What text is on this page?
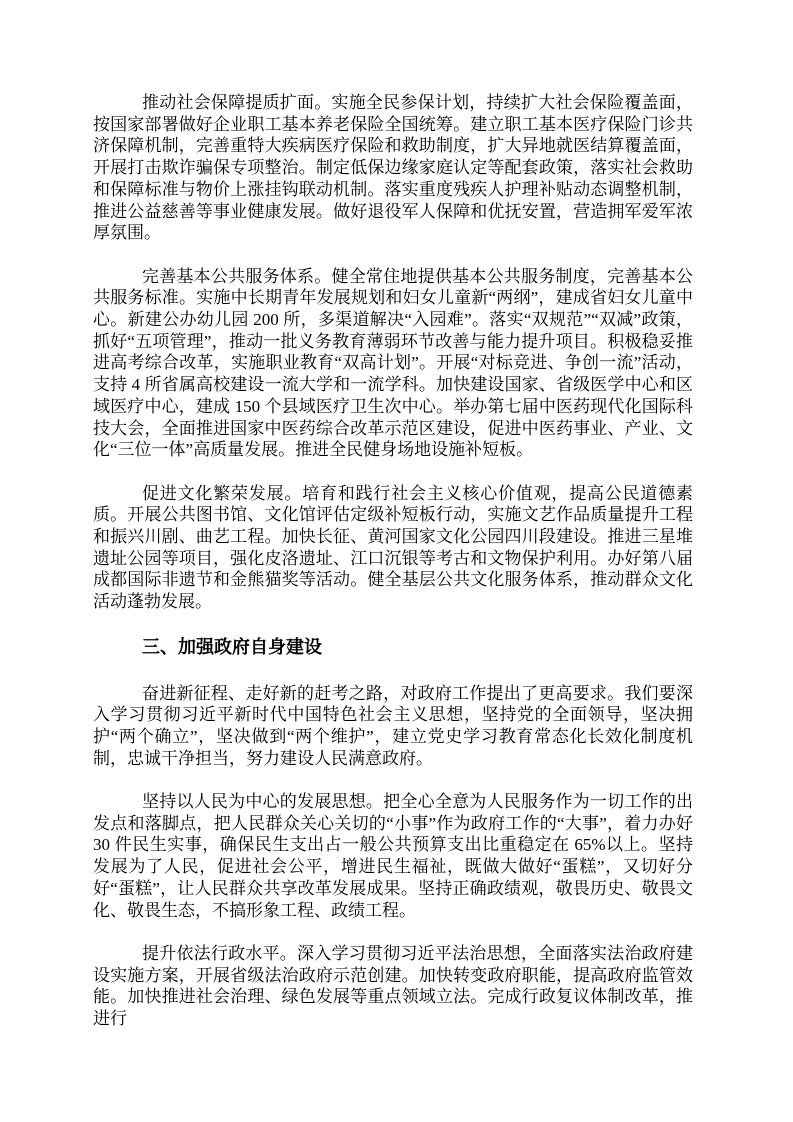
推动社会保障提质扩面。实施全民参保计划，持续扩大社会保险覆盖面，按国家部署做好企业职工基本养老保险全国统筹。建立职工基本医疗保险门诊共济保障机制，完善重特大疾病医疗保险和救助制度，扩大异地就医结算覆盖面，开展打击欺诈骗保专项整治。制定低保边缘家庭认定等配套政策，落实社会救助和保障标准与物价上涨挂钩联动机制。落实重度残疾人护理补贴动态调整机制，推进公益慈善等事业健康发展。做好退役军人保障和优抚安置，营造拥军爱军浓厚氛围。

完善基本公共服务体系。健全常住地提供基本公共服务制度，完善基本公共服务标准。实施中长期青年发展规划和妇女儿童新“两纲”，建成省妇女儿童中心。新建公办幼儿园 200 所，多渠道解决“入园难”。落实“双规范”“双减”政策，抓好“五项管理”，推动一批义务教育薄弱环节改善与能力提升项目。积极稳妥推进高考综合改革，实施职业教育“双高计划”。开展“对标竞进、争创一流”活动，支持 4 所省属高校建设一流大学和一流学科。加快建设国家、省级医学中心和区域医疗中心，建成 150 个县域医疗卫生次中心。举办第七届中医药现代化国际科技大会，全面推进国家中医药综合改革示范区建设，促进中医药事业、产业、文化“三位一体”高质量发展。推进全民健身场地设施补短板。

促进文化繁荣发展。培育和践行社会主义核心价值观，提高公民道德素质。开展公共图书馆、文化馆评估定级补短板行动，实施文艺作品质量提升工程和振兴川剧、曲艺工程。加快长征、黄河国家文化公园四川段建设。推进三星堆遗址公园等项目，强化皮洛遗址、江口沉银等考古和文物保护利用。办好第八届成都国际非遗节和金熊猫奖等活动。健全基层公共文化服务体系，推动群众文化活动蓬勃发展。

三、加强政府自身建设

奋进新征程、走好新的赶考之路，对政府工作提出了更高要求。我们要深入学习贯彻习近平新时代中国特色社会主义思想，坚持党的全面领导，坚决拥护“两个确立”，坚决做到“两个维护”，建立党史学习教育常态化长效化制度机制，忠诚干净担当，努力建设人民满意政府。

坚持以人民为中心的发展思想。把全心全意为人民服务作为一切工作的出发点和落脚点，把人民群众关心关切的“小事”作为政府工作的“大事”，着力办好 30 件民生实事，确保民生支出占一般公共预算支出比重稳定在 65%以上。坚持发展为了人民，促进社会公平，增进民生福祉，既做大做好“蛋糕”，又切好分好“蛋糕”，让人民群众共享改革发展成果。坚持正确政绩观，敬畏历史、敬畏文化、敬畏生态，不搞形象工程、政绩工程。

提升依法行政水平。深入学习贯彻习近平法治思想，全面落实法治政府建设实施方案，开展省级法治政府示范创建。加快转变政府职能，提高政府监管效能。加快推进社会治理、绿色发展等重点领域立法。完成行政复议体制改革，推进行
